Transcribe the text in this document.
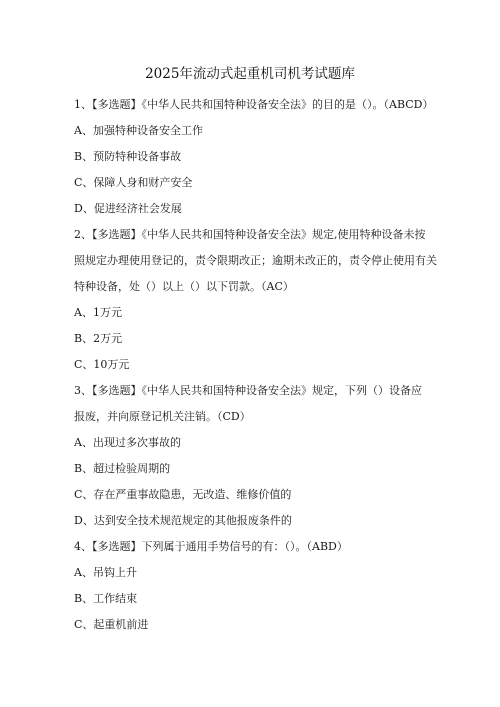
2025年流动式起重机司机考试题库
1、【多选题】《中华人民共和国特种设备安全法》的目的是（）。（ABCD）
A、加强特种设备安全工作
B、预防特种设备事故
C、保障人身和财产安全
D、促进经济社会发展
2、【多选题】《中华人民共和国特种设备安全法》规定,使用特种设备未按
照规定办理使用登记的，责令限期改正；逾期未改正的，责令停止使用有关
特种设备，处（）以上（）以下罚款。（AC）
A、1万元
B、2万元
C、10万元
3、【多选题】《中华人民共和国特种设备安全法》规定，下列（）设备应
报废，并向原登记机关注销。（CD）
A、出现过多次事故的
B、超过检验周期的
C、存在严重事故隐患，无改造、维修价值的
D、达到安全技术规范规定的其他报废条件的
4、【多选题】下列属于通用手势信号的有：（）。（ABD）
A、吊钩上升
B、工作结束
C、起重机前进
